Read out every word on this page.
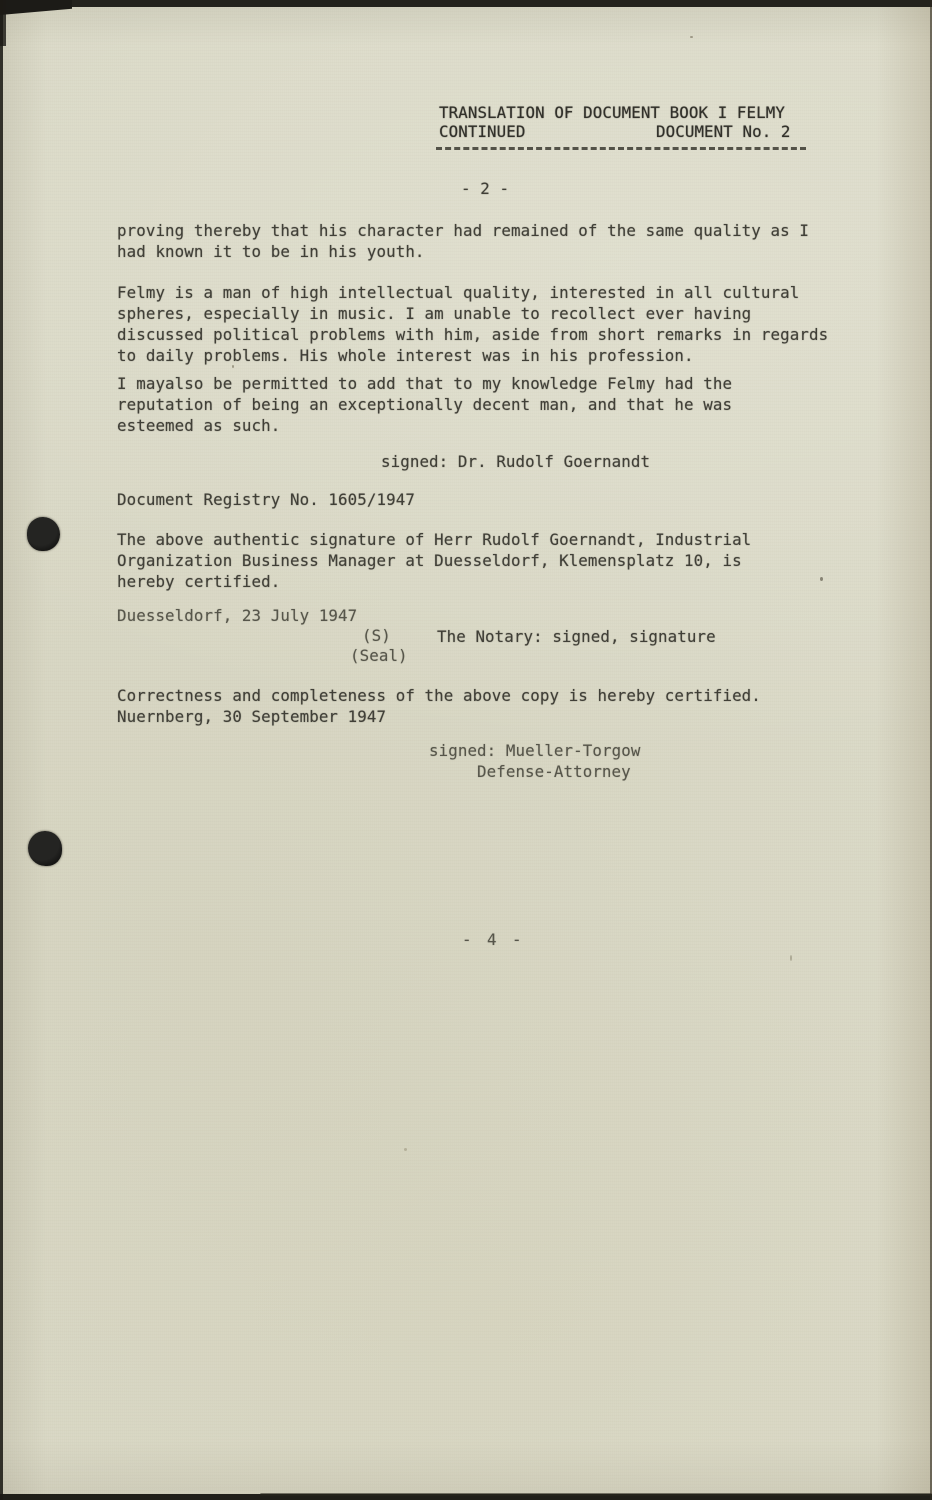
TRANSLATION OF DOCUMENT BOOK I FELMY
CONTINUED	DOCUMENT No. 2
- 2 -
proving thereby that his character had remained of the same quality as I
had known it to be in his youth.
Felmy is a man of high intellectual quality, interested in all cultural
spheres, especially in music. I am unable to recollect ever having
discussed political problems with him, aside from short remarks in regards
to daily problems. His whole interest was in his profession.
I mayalso be permitted to add that to my knowledge Felmy had the
reputation of being an exceptionally decent man, and that he was
esteemed as such.
signed: Dr. Rudolf Goernandt
Document Registry No. 1605/1947
The above authentic signature of Herr Rudolf Goernandt, Industrial
Organization Business Manager at Duesseldorf, Klemensplatz 10, is
hereby certified.
Duesseldorf, 23 July 1947
(S)	The Notary: signed, signature
(Seal)
Correctness and completeness of the above copy is hereby certified.
Nuernberg, 30 September 1947
signed: Mueller-Torgow
Defense-Attorney
- 4 -
